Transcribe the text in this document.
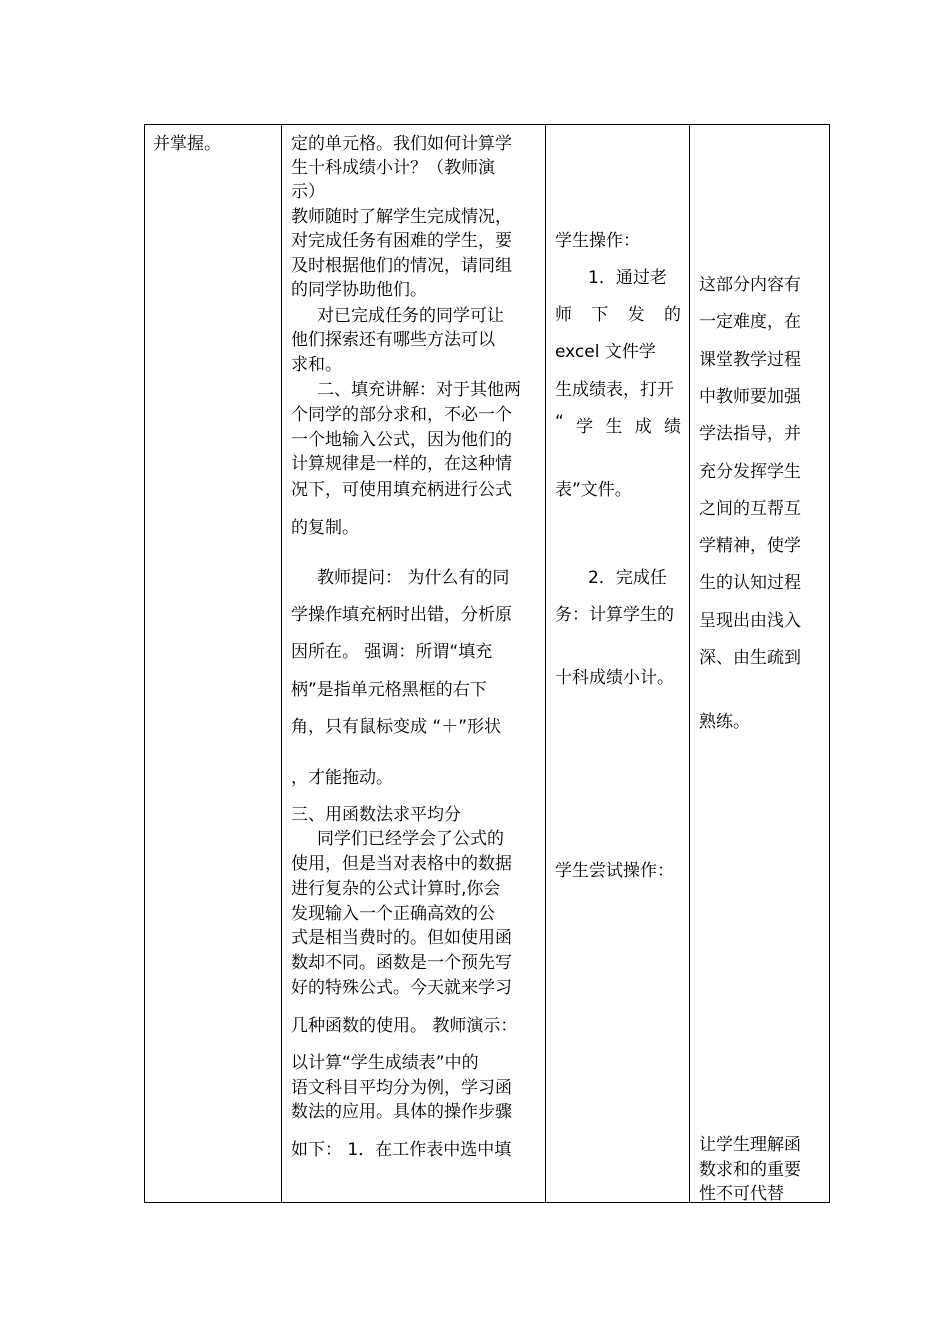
并掌握。	定的单元格。我们如何计算学
生十科成绩小计？（教师演
示）
教师随时了解学生完成情况，
对完成任务有困难的学生，要
及时根据他们的情况，请同组
的同学协助他们。
对已完成任务的同学可让
他们探索还有哪些方法可以
求和。
二、填充讲解：对于其他两
个同学的部分求和，不必一个
一个地输入公式，因为他们的
计算规律是一样的，在这种情
况下，可使用填充柄进行公式
的复制。
教师提问： 为什么有的同
学操作填充柄时出错，分析原
因所在。 强调：所谓“填充
柄”是指单元格黑框的右下
角，只有鼠标变成 “＋”形状
，才能拖动。
三、用函数法求平均分
同学们已经学会了公式的
使用，但是当对表格中的数据
进行复杂的公式计算时,你会
发现输入一个正确高效的公
式是相当费时的。但如使用函
数却不同。函数是一个预先写
好的特殊公式。今天就来学习
几种函数的使用。 教师演示：
以计算“学生成绩表”中的
语文科目平均分为例，学习函
数法的应用。具体的操作步骤
如下： 1．在工作表中选中填
学生操作：
1．通过老
师 下 发 的
excel 文件学
生成绩表，打开
“ 学 生 成 绩
表”文件。
2．完成任
务：计算学生的
十科成绩小计。
学生尝试操作：
这部分内容有
一定难度，在
课堂教学过程
中教师要加强
学法指导，并
充分发挥学生
之间的互帮互
学精神，使学
生的认知过程
呈现出由浅入
深、由生疏到
熟练。
让学生理解函
数求和的重要
性不可代替
